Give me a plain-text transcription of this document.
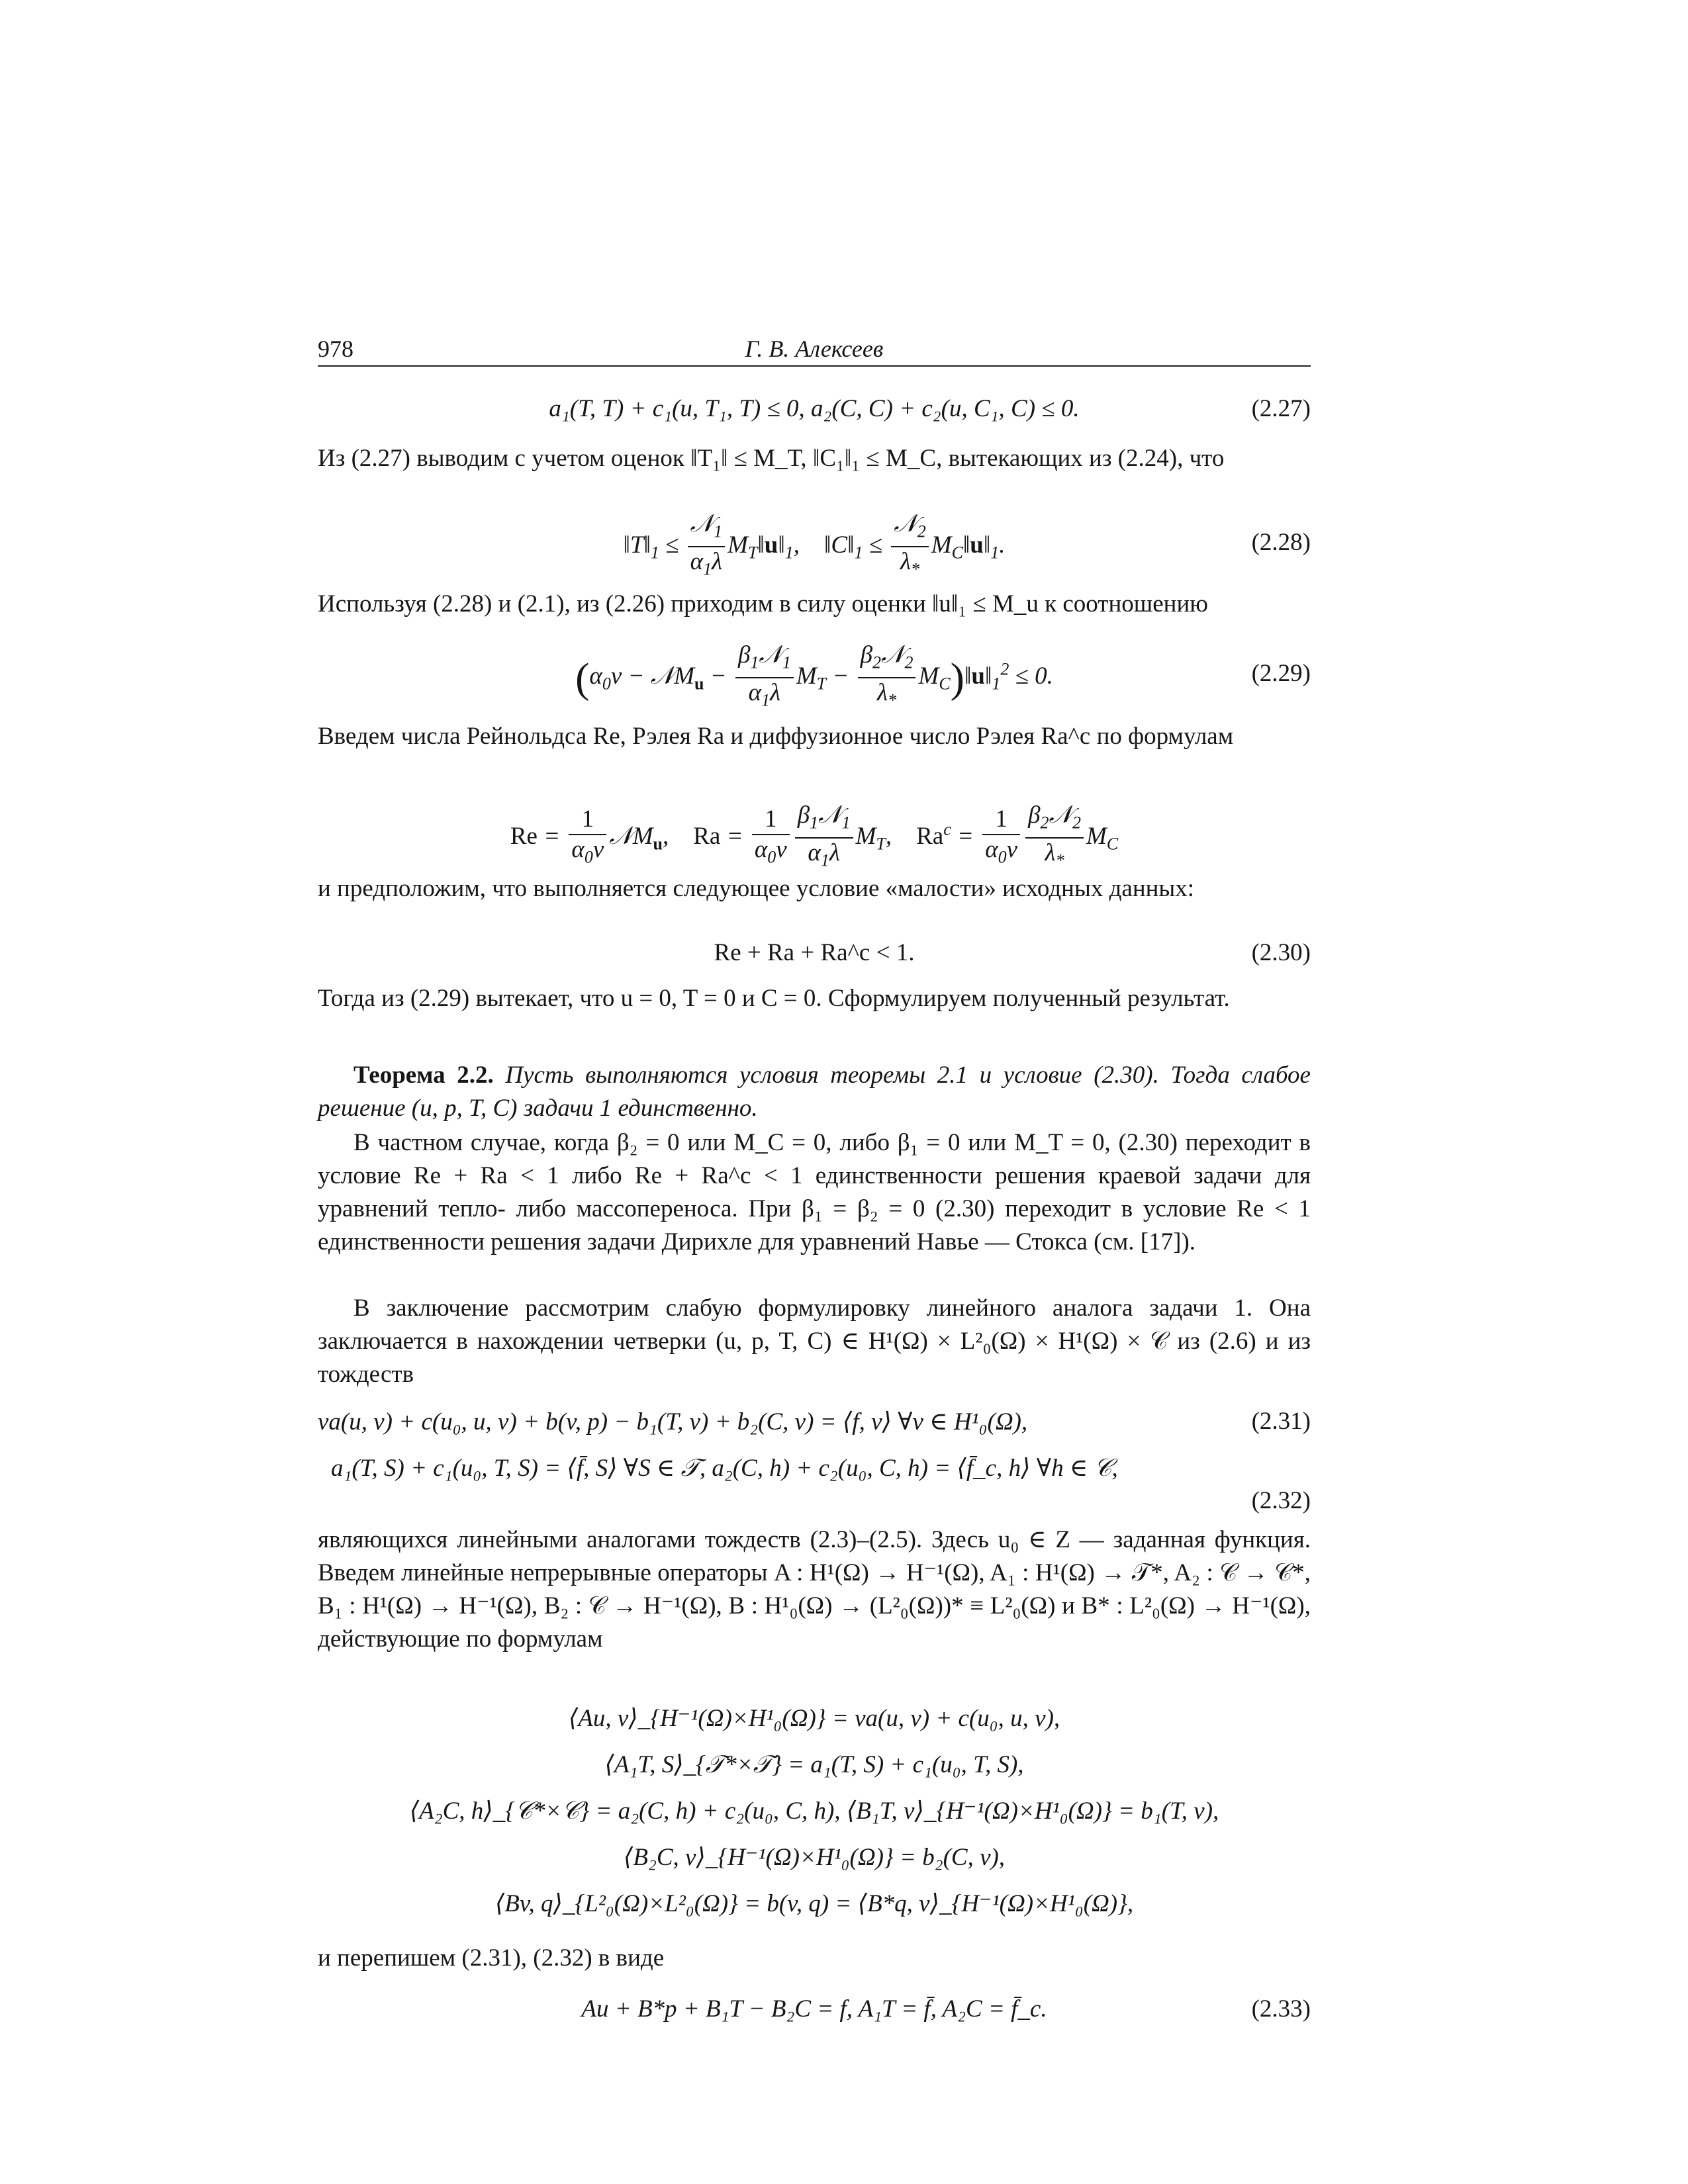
978	Г. В. Алексеев
a₁(T, T) + c₁(u, T₁, T) ≤ 0, a₂(C, C) + c₂(u, C₁, C) ≤ 0.	(2.27)

Из (2.27) выводим с учетом оценок ‖T₁‖ ≤ M_T, ‖C₁‖₁ ≤ M_C, вытекающих из (2.24), что

$‖T‖_1 \le \frac{𝒩_1}{\alpha_1\lambda}$ $M_T‖u‖_1$,    $‖C‖_1 \le \frac{𝒩_2}{\lambda_*}$ $M_C‖u‖_1$.	(2.28)

Используя (2.28) и (2.1), из (2.26) приходим в силу оценки ‖u‖₁ ≤ M_u к соотношению

($\alpha_0\nu$ − 𝒩M$_u$ − $\frac{\beta_1𝒩_1}{\alpha_1\lambda} M_T - \frac{\beta_2𝒩_2}{\lambda_*}$ $M_C)‖u‖_1^2 \le 0$.	(2.29)

Введем числа Рейнольдса Re, Рэлея Ra и диффузионное число Рэлея Ra^c по формулам

$Re = \frac{1}{\alpha_0\nu}$ 𝒩M$_u$,    $Ra = \frac{1}{\alpha_0\nu} \frac{\beta_1𝒩_1}{\alpha_1\lambda} M_T$,    $Ra^c = \frac{1}{\alpha_0\nu} \frac{\beta_2𝒩_2}{\lambda_*} M_C$

и предположим, что выполняется следующее условие «малости» исходных данных:

Re + Ra + Ra^c < 1.	(2.30)

Тогда из (2.29) вытекает, что u = 0, T = 0 и C = 0. Сформулируем полученный результат.

Теорема 2.2. Пусть выполняются условия теоремы 2.1 и условие (2.30). Тогда слабое решение (u, p, T, C) задачи 1 единственно.

В частном случае, когда β₂ = 0 или M_C = 0, либо β₁ = 0 или M_T = 0, (2.30) переходит в условие Re + Ra < 1 либо Re + Ra^c < 1 единственности решения краевой задачи для уравнений тепло- либо массопереноса. При β₁ = β₂ = 0 (2.30) переходит в условие Re < 1 единственности решения задачи Дирихле для уравнений Навье — Стокса (см. [17]).

В заключение рассмотрим слабую формулировку линейного аналога задачи 1. Она заключается в нахождении четверки (u, p, T, C) ∈ H¹(Ω) × L²₀(Ω) × H¹(Ω) × 𝒞 из (2.6) и из тождеств

νa(u, v) + c(u₀, u, v) + b(v, p) − b₁(T, v) + b₂(C, v) = ⟨f, v⟩ ∀v ∈ H¹₀(Ω),	(2.31)
a₁(T, S) + c₁(u₀, T, S) = ⟨f̄, S⟩ ∀S ∈ 𝒯, a₂(C, h) + c₂(u₀, C, h) = ⟨f̄_c, h⟩ ∀h ∈ 𝒞,
(2.32)

являющихся линейными аналогами тождеств (2.3)–(2.5). Здесь u₀ ∈ Z — заданная функция. Введем линейные непрерывные операторы A : H¹(Ω) → H⁻¹(Ω), A₁ : H¹(Ω) → 𝒯*, A₂ : 𝒞 → 𝒞*, B₁ : H¹(Ω) → H⁻¹(Ω), B₂ : 𝒞 → H⁻¹(Ω), B : H¹₀(Ω) → (L²₀(Ω))* ≡ L²₀(Ω) и B* : L²₀(Ω) → H⁻¹(Ω), действующие по формулам

⟨Au, v⟩_{H⁻¹(Ω)×H¹₀(Ω)} = νa(u, v) + c(u₀, u, v),
⟨A₁T, S⟩_{𝒯*×𝒯} = a₁(T, S) + c₁(u₀, T, S),
⟨A₂C, h⟩_{𝒞*×𝒞} = a₂(C, h) + c₂(u₀, C, h), ⟨B₁T, v⟩_{H⁻¹(Ω)×H¹₀(Ω)} = b₁(T, v),
⟨B₂C, v⟩_{H⁻¹(Ω)×H¹₀(Ω)} = b₂(C, v),
⟨Bv, q⟩_{L²₀(Ω)×L²₀(Ω)} = b(v, q) = ⟨B*q, v⟩_{H⁻¹(Ω)×H¹₀(Ω)},

и перепишем (2.31), (2.32) в виде

Au + B*p + B₁T − B₂C = f, A₁T = f̄, A₂C = f̄_c.	(2.33)
